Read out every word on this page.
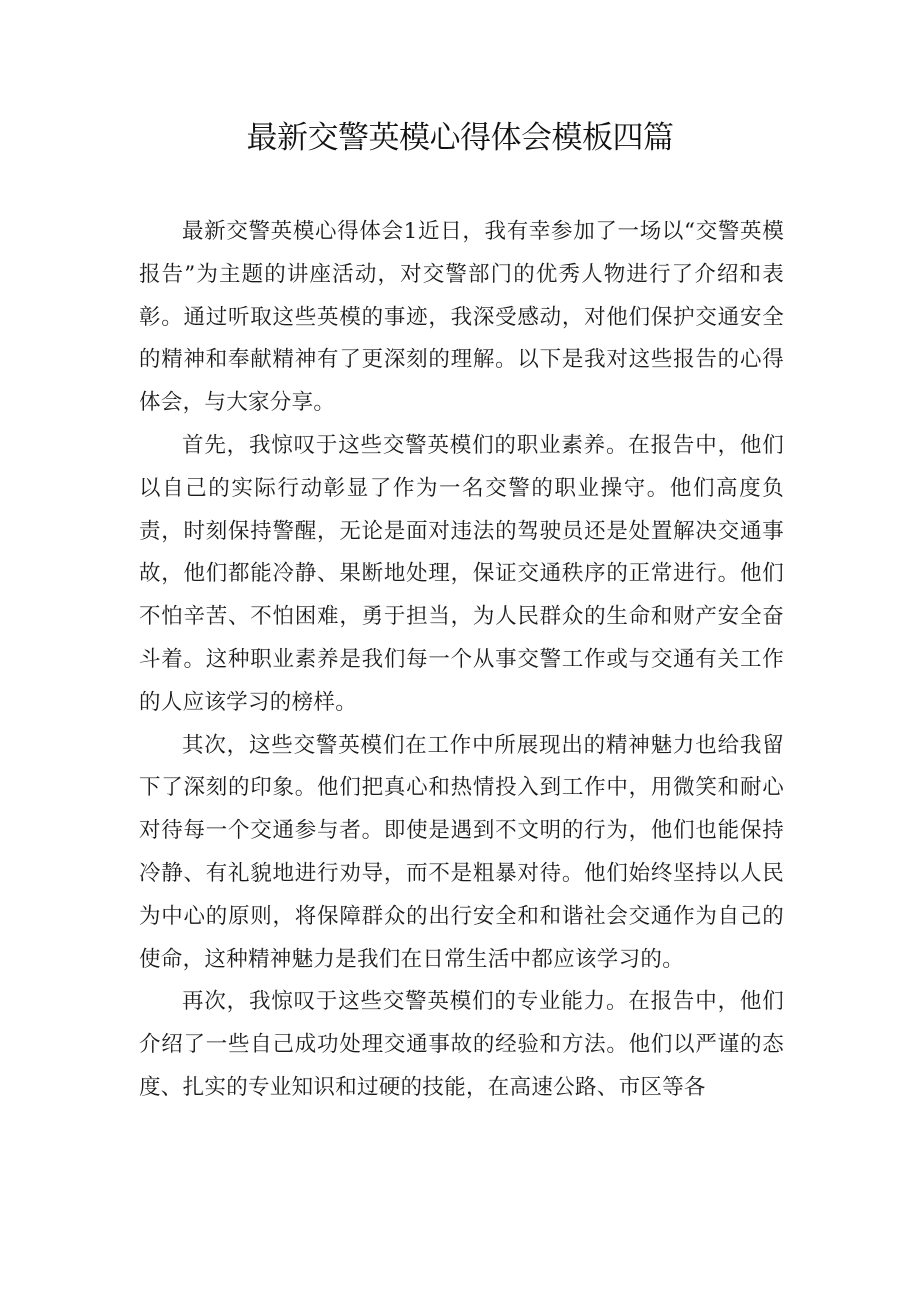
最新交警英模心得体会模板四篇

最新交警英模心得体会1近日，我有幸参加了一场以“交警英模报告”为主题的讲座活动，对交警部门的优秀人物进行了介绍和表彰。通过听取这些英模的事迹，我深受感动，对他们保护交通安全的精神和奉献精神有了更深刻的理解。以下是我对这些报告的心得体会，与大家分享。

首先，我惊叹于这些交警英模们的职业素养。在报告中，他们以自己的实际行动彰显了作为一名交警的职业操守。他们高度负责，时刻保持警醒，无论是面对违法的驾驶员还是处置解决交通事故，他们都能冷静、果断地处理，保证交通秩序的正常进行。他们不怕辛苦、不怕困难，勇于担当，为人民群众的生命和财产安全奋斗着。这种职业素养是我们每一个从事交警工作或与交通有关工作的人应该学习的榜样。

其次，这些交警英模们在工作中所展现出的精神魅力也给我留下了深刻的印象。他们把真心和热情投入到工作中，用微笑和耐心对待每一个交通参与者。即使是遇到不文明的行为，他们也能保持冷静、有礼貌地进行劝导，而不是粗暴对待。他们始终坚持以人民为中心的原则，将保障群众的出行安全和和谐社会交通作为自己的使命，这种精神魅力是我们在日常生活中都应该学习的。

再次，我惊叹于这些交警英模们的专业能力。在报告中，他们介绍了一些自己成功处理交通事故的经验和方法。他们以严谨的态度、扎实的专业知识和过硬的技能，在高速公路、市区等各
